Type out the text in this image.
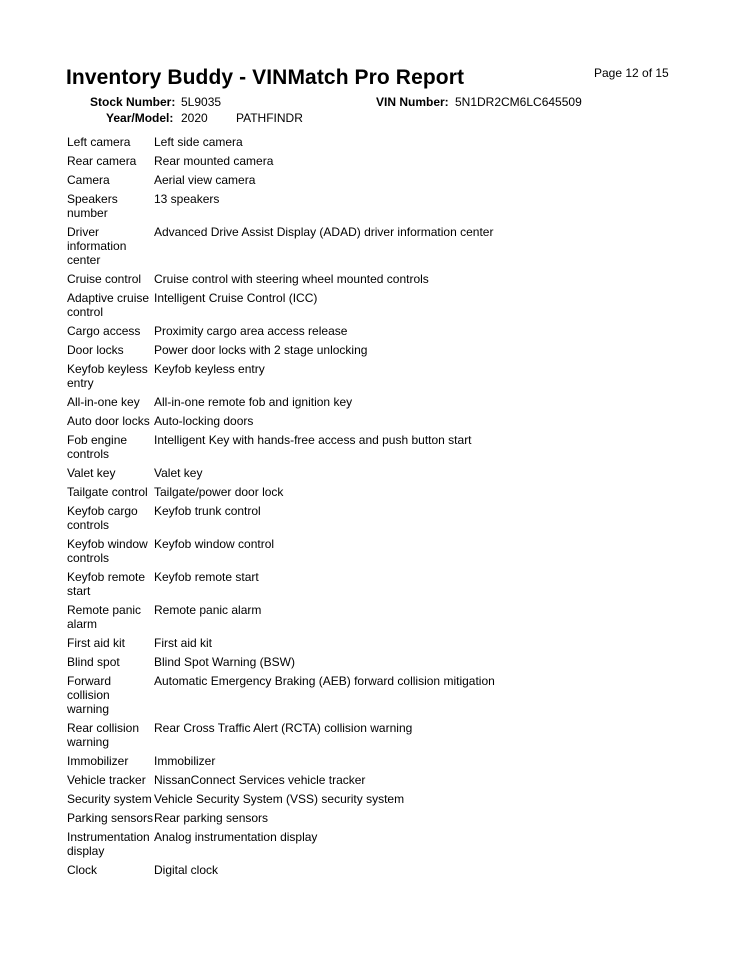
Inventory Buddy - VINMatch Pro Report	Page 12 of 15
Stock Number: 5L9035	VIN Number: 5N1DR2CM6LC645509
Year/Model: 2020 PATHFINDR
Left camera	Left side camera
Rear camera	Rear mounted camera
Camera	Aerial view camera
Speakers number	13 speakers
Driver information center	Advanced Drive Assist Display (ADAD) driver information center
Cruise control	Cruise control with steering wheel mounted controls
Adaptive cruise control	Intelligent Cruise Control (ICC)
Cargo access	Proximity cargo area access release
Door locks	Power door locks with 2 stage unlocking
Keyfob keyless entry	Keyfob keyless entry
All-in-one key	All-in-one remote fob and ignition key
Auto door locks	Auto-locking doors
Fob engine controls	Intelligent Key with hands-free access and push button start
Valet key	Valet key
Tailgate control	Tailgate/power door lock
Keyfob cargo controls	Keyfob trunk control
Keyfob window controls	Keyfob window control
Keyfob remote start	Keyfob remote start
Remote panic alarm	Remote panic alarm
First aid kit	First aid kit
Blind spot	Blind Spot Warning (BSW)
Forward collision warning	Automatic Emergency Braking (AEB) forward collision mitigation
Rear collision warning	Rear Cross Traffic Alert (RCTA) collision warning
Immobilizer	Immobilizer
Vehicle tracker	NissanConnect Services vehicle tracker
Security system	Vehicle Security System (VSS) security system
Parking sensors	Rear parking sensors
Instrumentation display	Analog instrumentation display
Clock	Digital clock
